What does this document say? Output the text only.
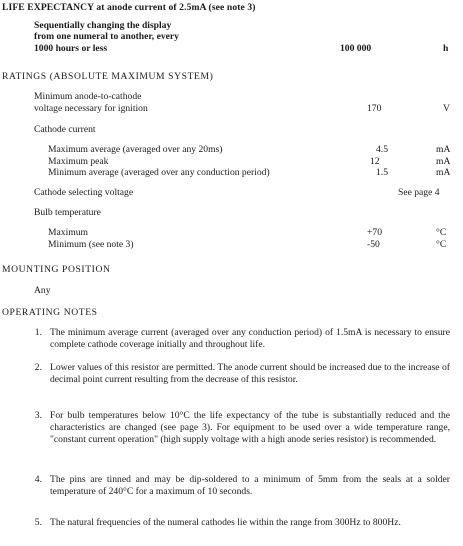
LIFE EXPECTANCY at anode current of 2.5mA (see note 3)
Sequentially changing the display
from one numeral to another, every
1000 hours or less	100 000	h
RATINGS (ABSOLUTE MAXIMUM SYSTEM)
Minimum anode-to-cathode
voltage necessary for ignition	170	V
Cathode current
Maximum average (averaged over any 20ms)	4.5	mA
Maximum peak	12	mA
Minimum average (averaged over any conduction period)	1.5	mA
Cathode selecting voltage	See page 4
Bulb temperature
Maximum	+70	°C
Minimum (see note 3)	-50	°C
MOUNTING POSITION
Any
OPERATING NOTES
1. The minimum average current (averaged over any conduction period) of 1.5mA is necessary to ensure complete cathode coverage initially and throughout life.
2. Lower values of this resistor are permitted. The anode current should be increased due to the increase of decimal point current resulting from the decrease of this resistor.
3. For bulb temperatures below 10°C the life expectancy of the tube is substantially reduced and the characteristics are changed (see page 3). For equipment to be used over a wide temperature range, "constant current operation" (high supply voltage with a high anode series resistor) is recommended.
4. The pins are tinned and may be dip-soldered to a minimum of 5mm from the seals at a solder temperature of 240°C for a maximum of 10 seconds.
5. The natural frequencies of the numeral cathodes lie within the range from 300Hz to 800Hz.
